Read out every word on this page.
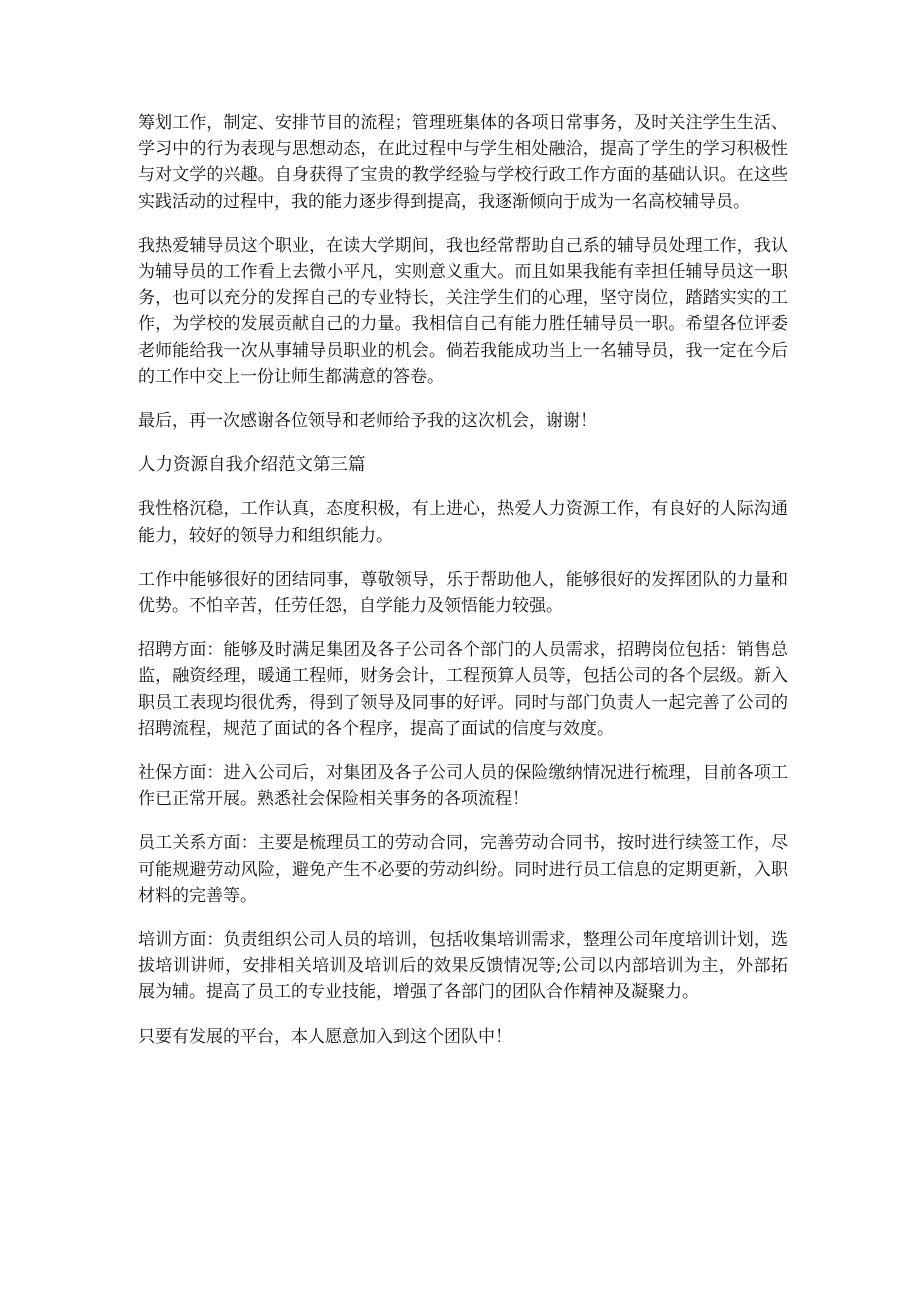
筹划工作，制定、安排节目的流程；管理班集体的各项日常事务，及时关注学生生活、学习中的行为表现与思想动态，在此过程中与学生相处融洽，提高了学生的学习积极性与对文学的兴趣。自身获得了宝贵的教学经验与学校行政工作方面的基础认识。在这些实践活动的过程中，我的能力逐步得到提高，我逐渐倾向于成为一名高校辅导员。

我热爱辅导员这个职业，在读大学期间，我也经常帮助自己系的辅导员处理工作，我认为辅导员的工作看上去微小平凡，实则意义重大。而且如果我能有幸担任辅导员这一职务，也可以充分的发挥自己的专业特长，关注学生们的心理，坚守岗位，踏踏实实的工作，为学校的发展贡献自己的力量。我相信自己有能力胜任辅导员一职。希望各位评委老师能给我一次从事辅导员职业的机会。倘若我能成功当上一名辅导员，我一定在今后的工作中交上一份让师生都满意的答卷。

最后，再一次感谢各位领导和老师给予我的这次机会，谢谢！

人力资源自我介绍范文第三篇

我性格沉稳，工作认真，态度积极，有上进心，热爱人力资源工作，有良好的人际沟通能力，较好的领导力和组织能力。

工作中能够很好的团结同事，尊敬领导，乐于帮助他人，能够很好的发挥团队的力量和优势。不怕辛苦，任劳任怨，自学能力及领悟能力较强。

招聘方面：能够及时满足集团及各子公司各个部门的人员需求，招聘岗位包括：销售总监，融资经理，暖通工程师，财务会计，工程预算人员等，包括公司的各个层级。新入职员工表现均很优秀，得到了领导及同事的好评。同时与部门负责人一起完善了公司的招聘流程，规范了面试的各个程序，提高了面试的信度与效度。

社保方面：进入公司后，对集团及各子公司人员的保险缴纳情况进行梳理，目前各项工作已正常开展。熟悉社会保险相关事务的各项流程！

员工关系方面：主要是梳理员工的劳动合同，完善劳动合同书，按时进行续签工作，尽可能规避劳动风险，避免产生不必要的劳动纠纷。同时进行员工信息的定期更新，入职材料的完善等。

培训方面：负责组织公司人员的培训，包括收集培训需求，整理公司年度培训计划，选拔培训讲师，安排相关培训及培训后的效果反馈情况等;公司以内部培训为主，外部拓展为辅。提高了员工的专业技能，增强了各部门的团队合作精神及凝聚力。

只要有发展的平台，本人愿意加入到这个团队中！
